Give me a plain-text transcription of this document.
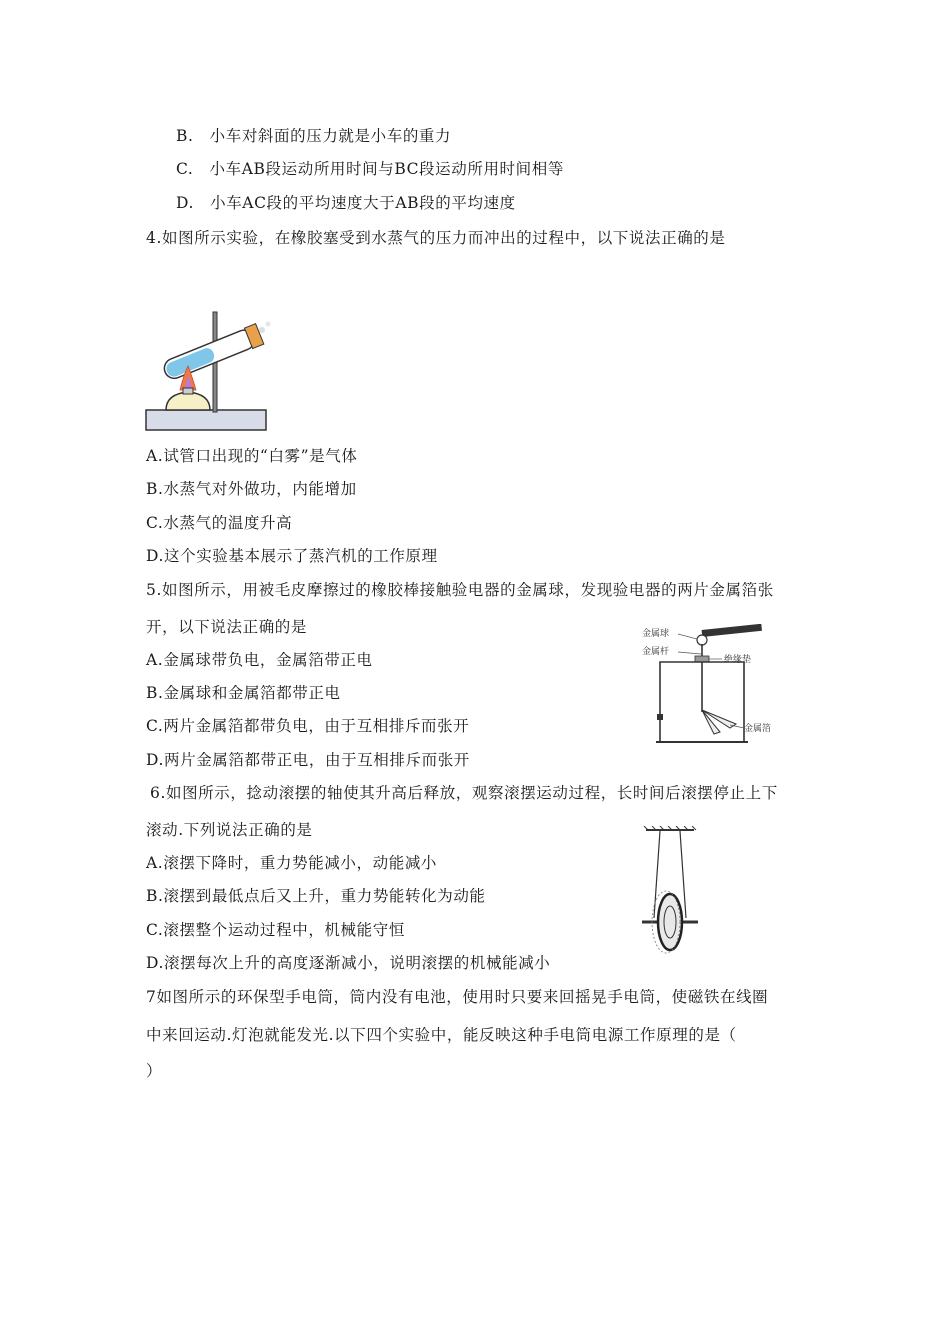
B.　小车对斜面的压力就是小车的重力
C.　小车AB段运动所用时间与BC段运动所用时间相等
D.　小车AC段的平均速度大于AB段的平均速度
4.如图所示实验，在橡胶塞受到水蒸气的压力而冲出的过程中，以下说法正确的是
A.试管口出现的“白雾”是气体
B.水蒸气对外做功，内能增加
C.水蒸气的温度升高
D.这个实验基本展示了蒸汽机的工作原理
5.如图所示，用被毛皮摩擦过的橡胶棒接触验电器的金属球，发现验电器的两片金属箔张
开，以下说法正确的是
A.金属球带负电，金属箔带正电
B.金属球和金属箔都带正电
C.两片金属箔都带负电，由于互相排斥而张开
D.两片金属箔都带正电，由于互相排斥而张开
金属球
金属杆
绝缘垫
金属箔
6.如图所示，捻动滚摆的轴使其升高后释放，观察滚摆运动过程，长时间后滚摆停止上下
滚动.下列说法正确的是
A.滚摆下降时，重力势能减小，动能减小
B.滚摆到最低点后又上升，重力势能转化为动能
C.滚摆整个运动过程中，机械能守恒
D.滚摆每次上升的高度逐渐减小，说明滚摆的机械能减小
7如图所示的环保型手电筒，筒内没有电池，使用时只要来回摇晃手电筒，使磁铁在线圈
中来回运动.灯泡就能发光.以下四个实验中，能反映这种手电筒电源工作原理的是（
）
